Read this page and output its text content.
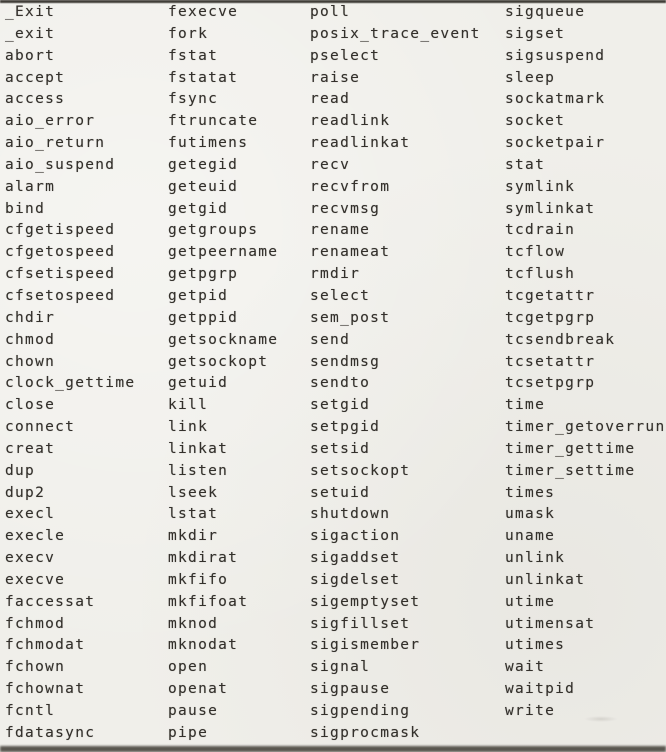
_Exit
_exit
abort
accept
access
aio_error
aio_return
aio_suspend
alarm
bind
cfgetispeed
cfgetospeed
cfsetispeed
cfsetospeed
chdir
chmod
chown
clock_gettime
close
connect
creat
dup
dup2
execl
execle
execv
execve
faccessat
fchmod
fchmodat
fchown
fchownat
fcntl
fdatasync
fexecve
fork
fstat
fstatat
fsync
ftruncate
futimens
getegid
geteuid
getgid
getgroups
getpeername
getpgrp
getpid
getppid
getsockname
getsockopt
getuid
kill
link
linkat
listen
lseek
lstat
mkdir
mkdirat
mkfifo
mkfifoat
mknod
mknodat
open
openat
pause
pipe
poll
posix_trace_event
pselect
raise
read
readlink
readlinkat
recv
recvfrom
recvmsg
rename
renameat
rmdir
select
sem_post
send
sendmsg
sendto
setgid
setpgid
setsid
setsockopt
setuid
shutdown
sigaction
sigaddset
sigdelset
sigemptyset
sigfillset
sigismember
signal
sigpause
sigpending
sigprocmask
sigqueue
sigset
sigsuspend
sleep
sockatmark
socket
socketpair
stat
symlink
symlinkat
tcdrain
tcflow
tcflush
tcgetattr
tcgetpgrp
tcsendbreak
tcsetattr
tcsetpgrp
time
timer_getoverrun
timer_gettime
timer_settime
times
umask
uname
unlink
unlinkat
utime
utimensat
utimes
wait
waitpid
write
